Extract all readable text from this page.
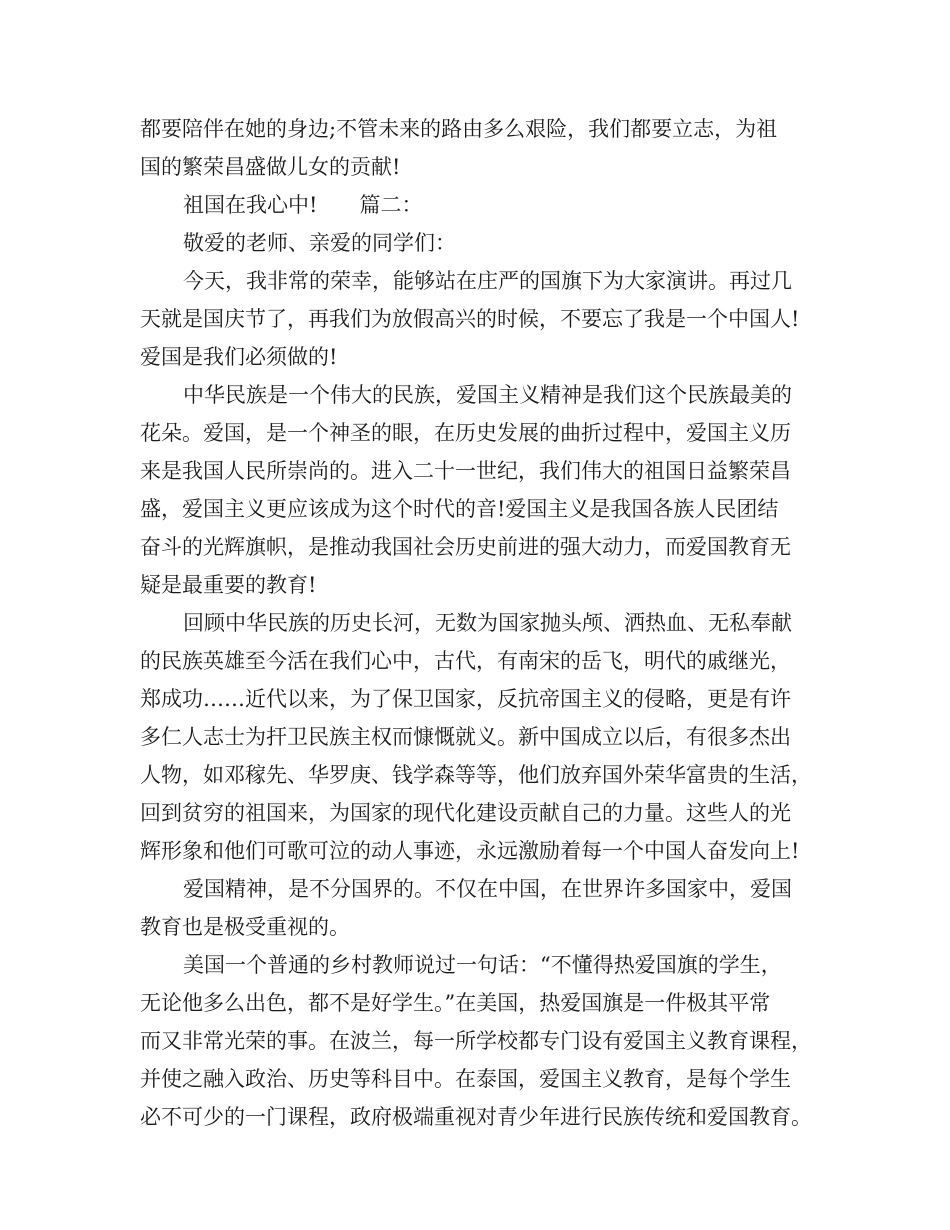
都要陪伴在她的身边;不管未来的路由多么艰险，我们都要立志，为祖
国的繁荣昌盛做儿女的贡献!
祖国在我心中!　　篇二：
敬爱的老师、亲爱的同学们：
今天，我非常的荣幸，能够站在庄严的国旗下为大家演讲。再过几
天就是国庆节了，再我们为放假高兴的时候，不要忘了我是一个中国人!
爱国是我们必须做的!
中华民族是一个伟大的民族，爱国主义精神是我们这个民族最美的
花朵。爱国，是一个神圣的眼，在历史发展的曲折过程中，爱国主义历
来是我国人民所崇尚的。进入二十一世纪，我们伟大的祖国日益繁荣昌
盛，爱国主义更应该成为这个时代的音!爱国主义是我国各族人民团结
奋斗的光辉旗帜，是推动我国社会历史前进的强大动力，而爱国教育无
疑是最重要的教育!
回顾中华民族的历史长河，无数为国家抛头颅、洒热血、无私奉献
的民族英雄至今活在我们心中，古代，有南宋的岳飞，明代的戚继光，
郑成功……近代以来，为了保卫国家，反抗帝国主义的侵略，更是有许
多仁人志士为扞卫民族主权而慷慨就义。新中国成立以后，有很多杰出
人物，如邓稼先、华罗庚、钱学森等等，他们放弃国外荣华富贵的生活，
回到贫穷的祖国来，为国家的现代化建设贡献自己的力量。这些人的光
辉形象和他们可歌可泣的动人事迹，永远激励着每一个中国人奋发向上!
爱国精神，是不分国界的。不仅在中国，在世界许多国家中，爱国
教育也是极受重视的。
美国一个普通的乡村教师说过一句话：“不懂得热爱国旗的学生，
无论他多么出色，都不是好学生。”在美国，热爱国旗是一件极其平常
而又非常光荣的事。在波兰，每一所学校都专门设有爱国主义教育课程，
并使之融入政治、历史等科目中。在泰国，爱国主义教育，是每个学生
必不可少的一门课程，政府极端重视对青少年进行民族传统和爱国教育。
